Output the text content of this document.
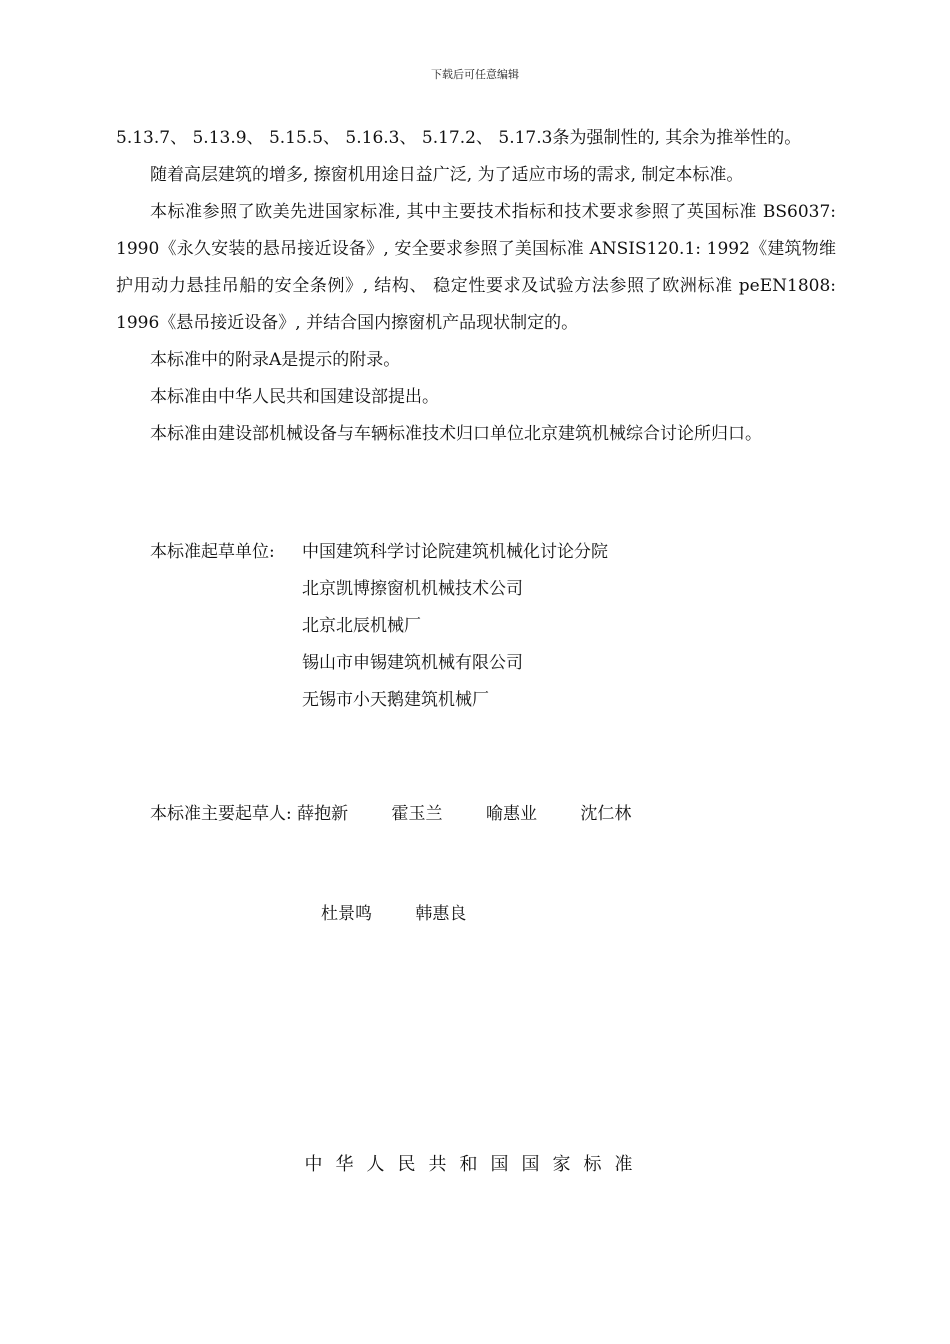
下载后可任意编辑

5.13.7、 5.13.9、 5.15.5、 5.16.3、 5.17.2、 5.17.3条为强制性的, 其余为推举性的。

随着高层建筑的增多, 擦窗机用途日益广泛, 为了适应市场的需求, 制定本标准。

本标准参照了欧美先进国家标准, 其中主要技术指标和技术要求参照了英国标准 BS6037: 1990《永久安装的悬吊接近设备》, 安全要求参照了美国标准 ANSIS120.1: 1992《建筑物维护用动力悬挂吊船的安全条例》, 结构、 稳定性要求及试验方法参照了欧洲标准 peEN1808: 1996《悬吊接近设备》, 并结合国内擦窗机产品现状制定的。

本标准中的附录A是提示的附录。

本标准由中华人民共和国建设部提出。

本标准由建设部机械设备与车辆标准技术归口单位北京建筑机械综合讨论所归口。

本标准起草单位:	中国建筑科学讨论院建筑机械化讨论分院
北京凯博擦窗机机械技术公司
北京北辰机械厂
锡山市申锡建筑机械有限公司
无锡市小天鹅建筑机械厂
本标准主要起草人: 薛抱新	霍玉兰	喻惠业	沈仁林
杜景鸣	韩惠良
中华人民共和国国家标准
